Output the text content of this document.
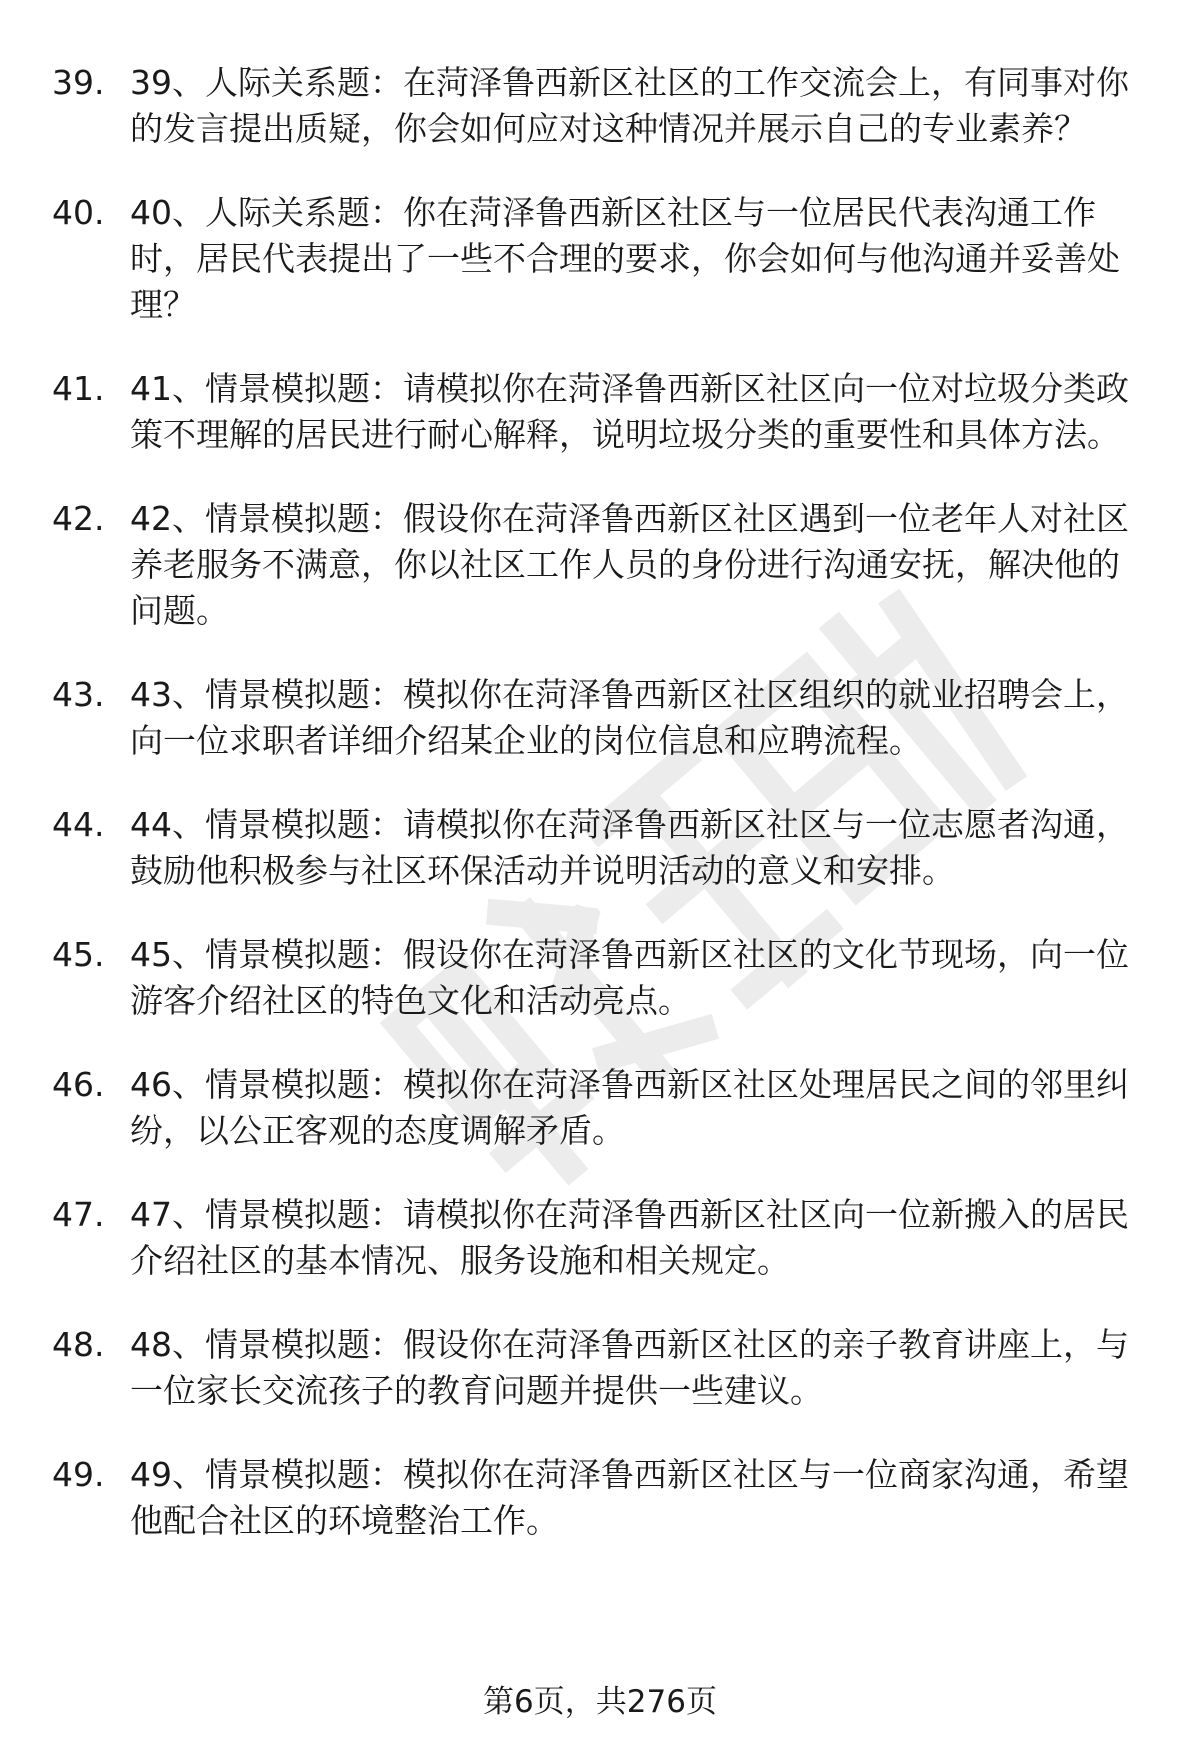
39. 39、人际关系题：在菏泽鲁西新区社区的工作交流会上，有同事对你的发言提出质疑，你会如何应对这种情况并展示自己的专业素养？
40. 40、人际关系题：你在菏泽鲁西新区社区与一位居民代表沟通工作时，居民代表提出了一些不合理的要求，你会如何与他沟通并妥善处理？
41. 41、情景模拟题：请模拟你在菏泽鲁西新区社区向一位对垃圾分类政策不理解的居民进行耐心解释，说明垃圾分类的重要性和具体方法。
42. 42、情景模拟题：假设你在菏泽鲁西新区社区遇到一位老年人对社区养老服务不满意，你以社区工作人员的身份进行沟通安抚，解决他的问题。
43. 43、情景模拟题：模拟你在菏泽鲁西新区社区组织的就业招聘会上，向一位求职者详细介绍某企业的岗位信息和应聘流程。
44. 44、情景模拟题：请模拟你在菏泽鲁西新区社区与一位志愿者沟通，鼓励他积极参与社区环保活动并说明活动的意义和安排。
45. 45、情景模拟题：假设你在菏泽鲁西新区社区的文化节现场，向一位游客介绍社区的特色文化和活动亮点。
46. 46、情景模拟题：模拟你在菏泽鲁西新区社区处理居民之间的邻里纠纷，以公正客观的态度调解矛盾。
47. 47、情景模拟题：请模拟你在菏泽鲁西新区社区向一位新搬入的居民介绍社区的基本情况、服务设施和相关规定。
48. 48、情景模拟题：假设你在菏泽鲁西新区社区的亲子教育讲座上，与一位家长交流孩子的教育问题并提供一些建议。
49. 49、情景模拟题：模拟你在菏泽鲁西新区社区与一位商家沟通，希望他配合社区的环境整治工作。
第6页，共276页
